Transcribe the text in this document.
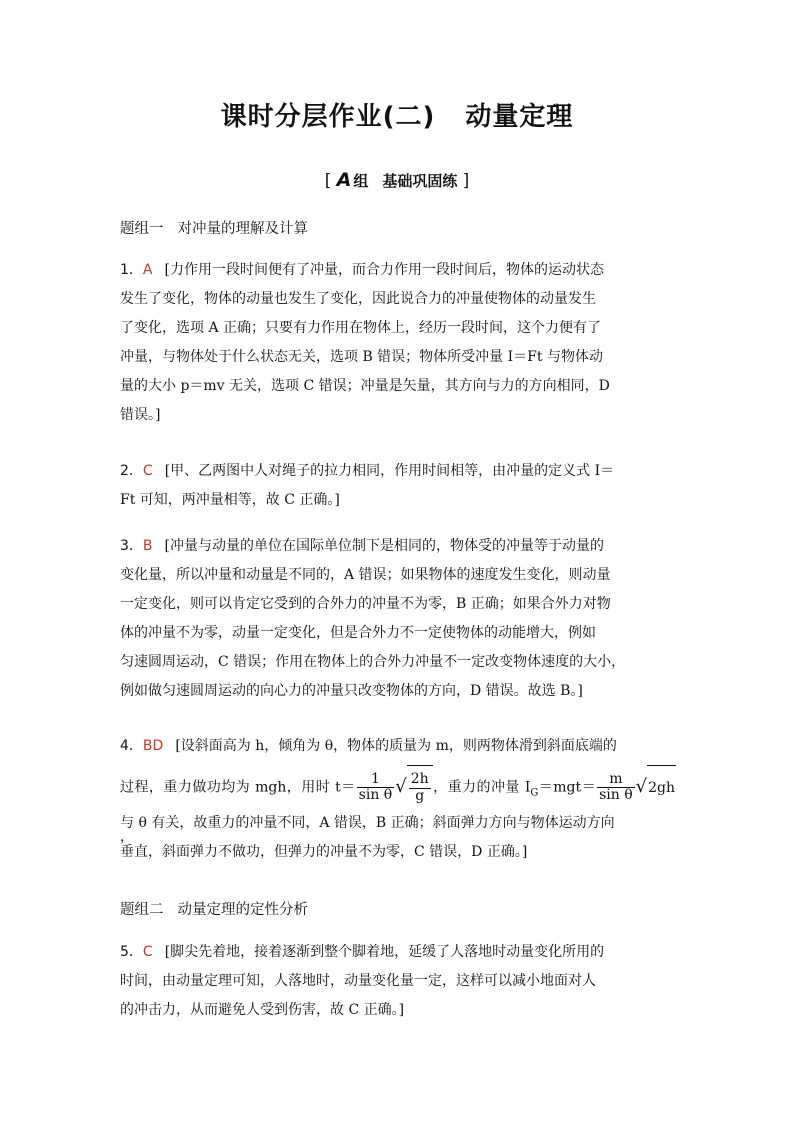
课时分层作业(二) 动量定理
[ A 组 基础巩固练 ]
题组一 对冲量的理解及计算
1．A [力作用一段时间便有了冲量，而合力作用一段时间后，物体的运动状态
发生了变化，物体的动量也发生了变化，因此说合力的冲量使物体的动量发生
了变化，选项 A 正确；只要有力作用在物体上，经历一段时间，这个力便有了
冲量，与物体处于什么状态无关，选项 B 错误；物体所受冲量 I＝Ft 与物体动
量的大小 p＝mv 无关，选项 C 错误；冲量是矢量，其方向与力的方向相同，D
错误。]
2．C [甲、乙两图中人对绳子的拉力相同，作用时间相等，由冲量的定义式 I＝
Ft 可知，两冲量相等，故 C 正确。]
3．B [冲量与动量的单位在国际单位制下是相同的，物体受的冲量等于动量的
变化量，所以冲量和动量是不同的，A 错误；如果物体的速度发生变化，则动量
一定变化，则可以肯定它受到的合外力的冲量不为零，B 正确；如果合外力对物
体的冲量不为零，动量一定变化，但是合外力不一定使物体的动能增大，例如
匀速圆周运动，C 错误；作用在物体上的合外力冲量不一定改变物体速度的大小，
例如做匀速圆周运动的向心力的冲量只改变物体的方向，D 错误。故选 B。]
4．BD [设斜面高为 h，倾角为 θ，物体的质量为 m，则两物体滑到斜面底端的

过程，重力做功均为 mgh，用时 $t= \frac{1}{\text{sin θ}}$ √ $\frac{2h}{g}$ ，重力的冲量 $I_G=mgt= \frac{m}{\text{sin θ}} √2gh$，
与 θ 有关，故重力的冲量不同，A 错误，B 正确；斜面弹力方向与物体运动方向
垂直，斜面弹力不做功，但弹力的冲量不为零，C 错误，D 正确。]
题组二 动量定理的定性分析
5．C [脚尖先着地，接着逐渐到整个脚着地，延缓了人落地时动量变化所用的
时间，由动量定理可知，人落地时，动量变化量一定，这样可以减小地面对人
的冲击力，从而避免人受到伤害，故 C 正确。]
